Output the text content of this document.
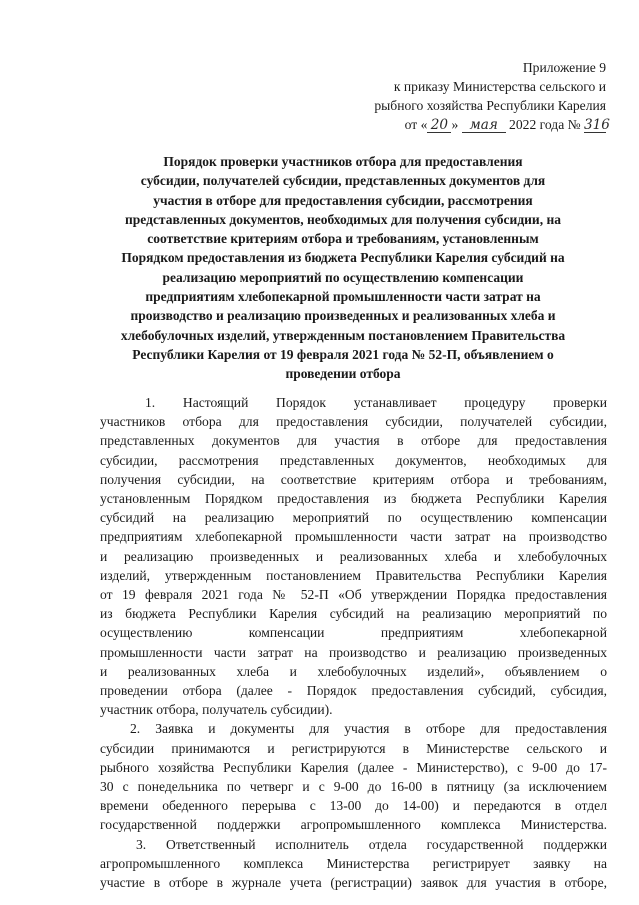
Приложение 9
к приказу Министерства сельского и
рыбного хозяйства Республики Карелия
от « 20 » мая 2022 года № 316
Порядок проверки участников отбора для предоставления
субсидии, получателей субсидии, представленных документов для
участия в отборе для предоставления субсидии, рассмотрения
представленных документов, необходимых для получения субсидии, на
соответствие критериям отбора и требованиям, установленным
Порядком предоставления из бюджета Республики Карелия субсидий на
реализацию мероприятий по осуществлению компенсации
предприятиям хлебопекарной промышленности части затрат на
производство и реализацию произведенных и реализованных хлеба и
хлебобулочных изделий, утвержденным постановлением Правительства
Республики Карелия от 19 февраля 2021 года № 52-П, объявлением о
проведении отбора
1. Настоящий Порядок устанавливает процедуру проверки
участников отбора для предоставления субсидии, получателей субсидии,
представленных документов для участия в отборе для предоставления
субсидии, рассмотрения представленных документов, необходимых для
получения субсидии, на соответствие критериям отбора и требованиям,
установленным Порядком предоставления из бюджета Республики Карелия
субсидий на реализацию мероприятий по осуществлению компенсации
предприятиям хлебопекарной промышленности части затрат на производство
и реализацию произведенных и реализованных хлеба и хлебобулочных
изделий, утвержденным постановлением Правительства Республики Карелия
от 19 февраля 2021 года № 52-П «Об утверждении Порядка предоставления
из бюджета Республики Карелия субсидий на реализацию мероприятий по
осуществлению компенсации предприятиям хлебопекарной
промышленности части затрат на производство и реализацию произведенных
и реализованных хлеба и хлебобулочных изделий», объявлением о
проведении отбора (далее - Порядок предоставления субсидий, субсидия,
участник отбора, получатель субсидии).
2. Заявка и документы для участия в отборе для предоставления
субсидии принимаются и регистрируются в Министерстве сельского и
рыбного хозяйства Республики Карелия (далее - Министерство), с 9-00 до 17-
30 с понедельника по четверг и с 9-00 до 16-00 в пятницу (за исключением
времени обеденного перерыва с 13-00 до 14-00) и передаются в отдел
государственной поддержки агропромышленного комплекса Министерства.
3. Ответственный исполнитель отдела государственной поддержки
агропромышленного комплекса Министерства регистрирует заявку на
участие в отборе в журнале учета (регистрации) заявок для участия в отборе,
